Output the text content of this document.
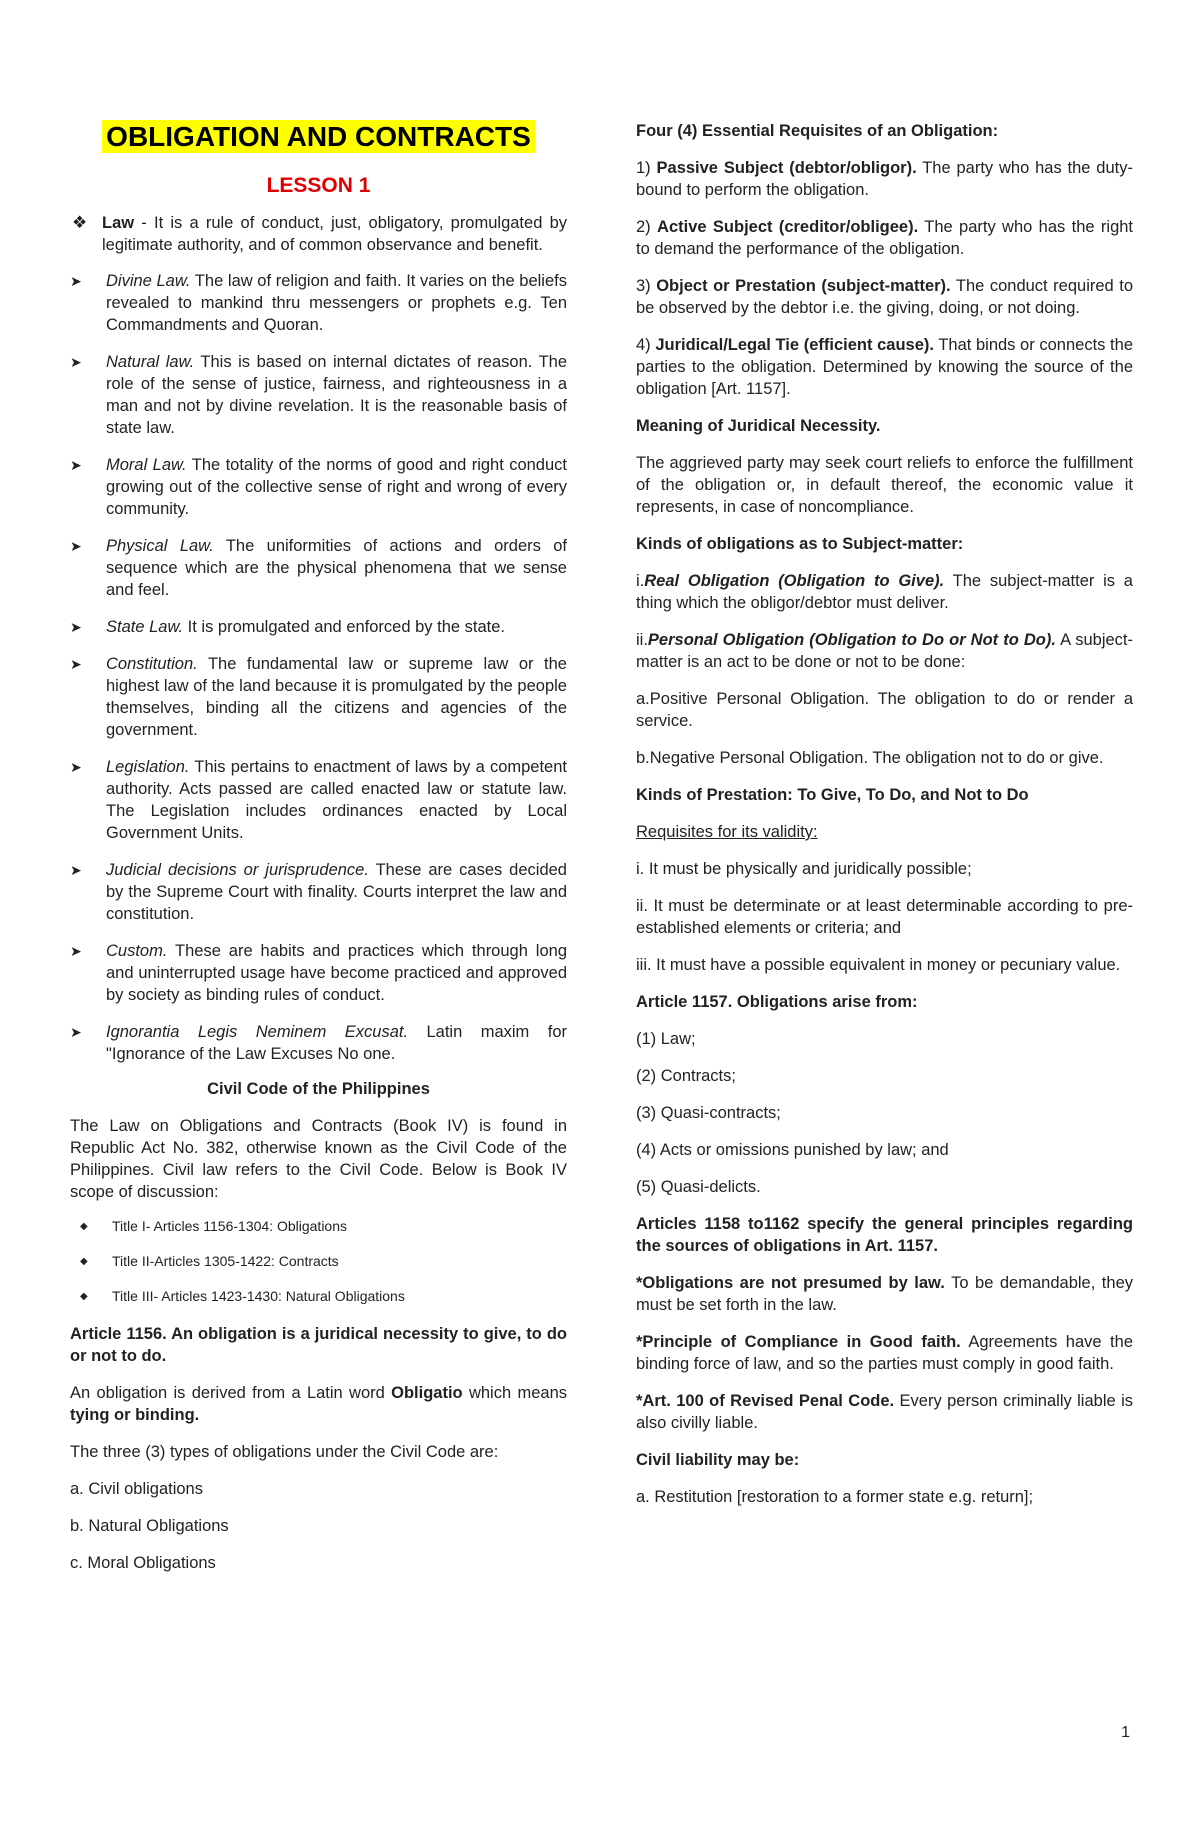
OBLIGATION AND CONTRACTS
LESSON 1
❖ Law - It is a rule of conduct, just, obligatory, promulgated by legitimate authority, and of common observance and benefit.
➤	Divine Law. The law of religion and faith. It varies on the beliefs revealed to mankind thru messengers or prophets e.g. Ten Commandments and Quoran.
➤	Natural law. This is based on internal dictates of reason. The role of the sense of justice, fairness, and righteousness in a man and not by divine revelation. It is the reasonable basis of state law.
➤	Moral Law. The totality of the norms of good and right conduct growing out of the collective sense of right and wrong of every community.
➤	Physical Law. The uniformities of actions and orders of sequence which are the physical phenomena that we sense and feel.
➤	State Law. It is promulgated and enforced by the state.
➤	Constitution. The fundamental law or supreme law or the highest law of the land because it is promulgated by the people themselves, binding all the citizens and agencies of the government.
➤	Legislation. This pertains to enactment of laws by a competent authority. Acts passed are called enacted law or statute law. The Legislation includes ordinances enacted by Local Government Units.
➤	Judicial decisions or jurisprudence. These are cases decided by the Supreme Court with finality. Courts interpret the law and constitution.
➤	Custom. These are habits and practices which through long and uninterrupted usage have become practiced and approved by society as binding rules of conduct.
➤	Ignorantia Legis Neminem Excusat. Latin maxim for "Ignorance of the Law Excuses No one.
Civil Code of the Philippines

The Law on Obligations and Contracts (Book IV) is found in Republic Act No. 382, otherwise known as the Civil Code of the Philippines. Civil law refers to the Civil Code. Below is Book IV scope of discussion:

◆	Title I- Articles 1156-1304: Obligations
◆	Title II-Articles 1305-1422: Contracts
◆	Title III- Articles 1423-1430: Natural Obligations

Article 1156. An obligation is a juridical necessity to give, to do or not to do.

An obligation is derived from a Latin word Obligatio which means tying or binding.

The three (3) types of obligations under the Civil Code are:

a. Civil obligations

b. Natural Obligations

c. Moral Obligations

Four (4) Essential Requisites of an Obligation:

1) Passive Subject (debtor/obligor). The party who has the duty-bound to perform the obligation.

2) Active Subject (creditor/obligee). The party who has the right to demand the performance of the obligation.

3) Object or Prestation (subject-matter). The conduct required to be observed by the debtor i.e. the giving, doing, or not doing.

4) Juridical/Legal Tie (efficient cause). That binds or connects the parties to the obligation. Determined by knowing the source of the obligation [Art. 1157].

Meaning of Juridical Necessity.

The aggrieved party may seek court reliefs to enforce the fulfillment of the obligation or, in default thereof, the economic value it represents, in case of noncompliance.

Kinds of obligations as to Subject-matter:

i.Real Obligation (Obligation to Give). The subject-matter is a thing which the obligor/debtor must deliver.

ii.Personal Obligation (Obligation to Do or Not to Do). A subject-matter is an act to be done or not to be done:

a.Positive Personal Obligation. The obligation to do or render a service.

b.Negative Personal Obligation. The obligation not to do or give.

Kinds of Prestation: To Give, To Do, and Not to Do

Requisites for its validity:

i. It must be physically and juridically possible;

ii. It must be determinate or at least determinable according to pre-established elements or criteria; and

iii. It must have a possible equivalent in money or pecuniary value.

Article 1157. Obligations arise from:

(1) Law;

(2) Contracts;

(3) Quasi-contracts;

(4) Acts or omissions punished by law; and

(5) Quasi-delicts.

Articles 1158 to1162 specify the general principles regarding the sources of obligations in Art. 1157.

*Obligations are not presumed by law. To be demandable, they must be set forth in the law.

*Principle of Compliance in Good faith. Agreements have the binding force of law, and so the parties must comply in good faith.

*Art. 100 of Revised Penal Code. Every person criminally liable is also civilly liable.

Civil liability may be:

a. Restitution [restoration to a former state e.g. return];

1
